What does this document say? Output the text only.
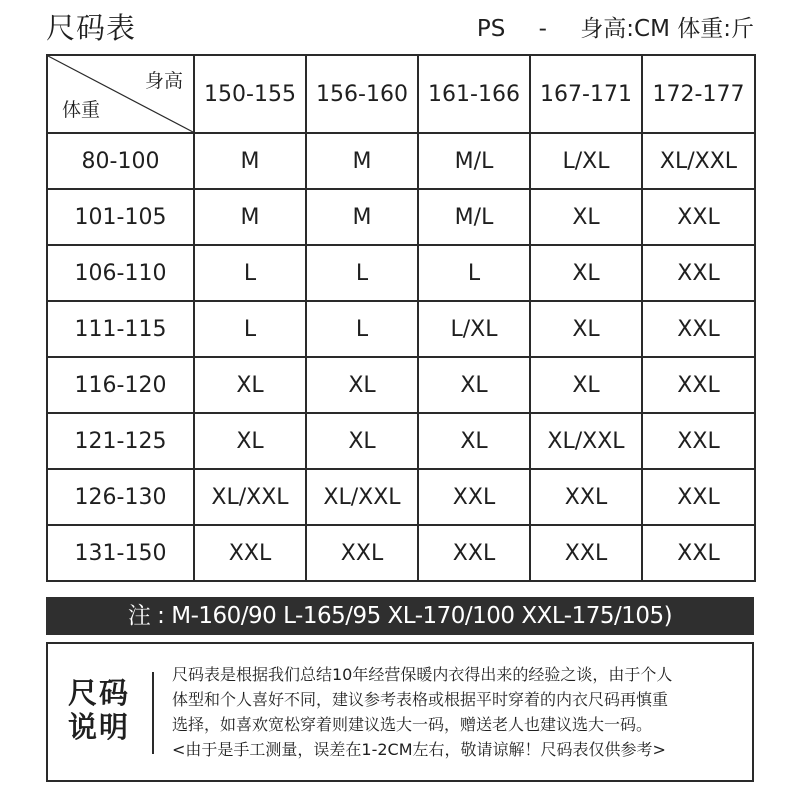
尺码表	PS - 身高:CM 体重:斤
身高
体重	150-155	156-160	161-166	167-171	172-177
80-100	M	M	M/L	L/XL	XL/XXL
101-105	M	M	M/L	XL	XXL
106-110	L	L	L	XL	XXL
111-115	L	L	L/XL	XL	XXL
116-120	XL	XL	XL	XL	XXL
121-125	XL	XL	XL	XL/XXL	XXL
126-130	XL/XXL	XL/XXL	XXL	XXL	XXL
131-150	XXL	XXL	XXL	XXL	XXL
注 : M-160/90 L-165/95 XL-170/100 XXL-175/105)
尺码
说明
尺码表是根据我们总结10年经营保暖内衣得出来的经验之谈，由于个人
体型和个人喜好不同，建议参考表格或根据平时穿着的内衣尺码再慎重
选择，如喜欢宽松穿着则建议选大一码，赠送老人也建议选大一码。
<由于是手工测量，误差在1-2CM左右，敬请谅解！尺码表仅供参考>
